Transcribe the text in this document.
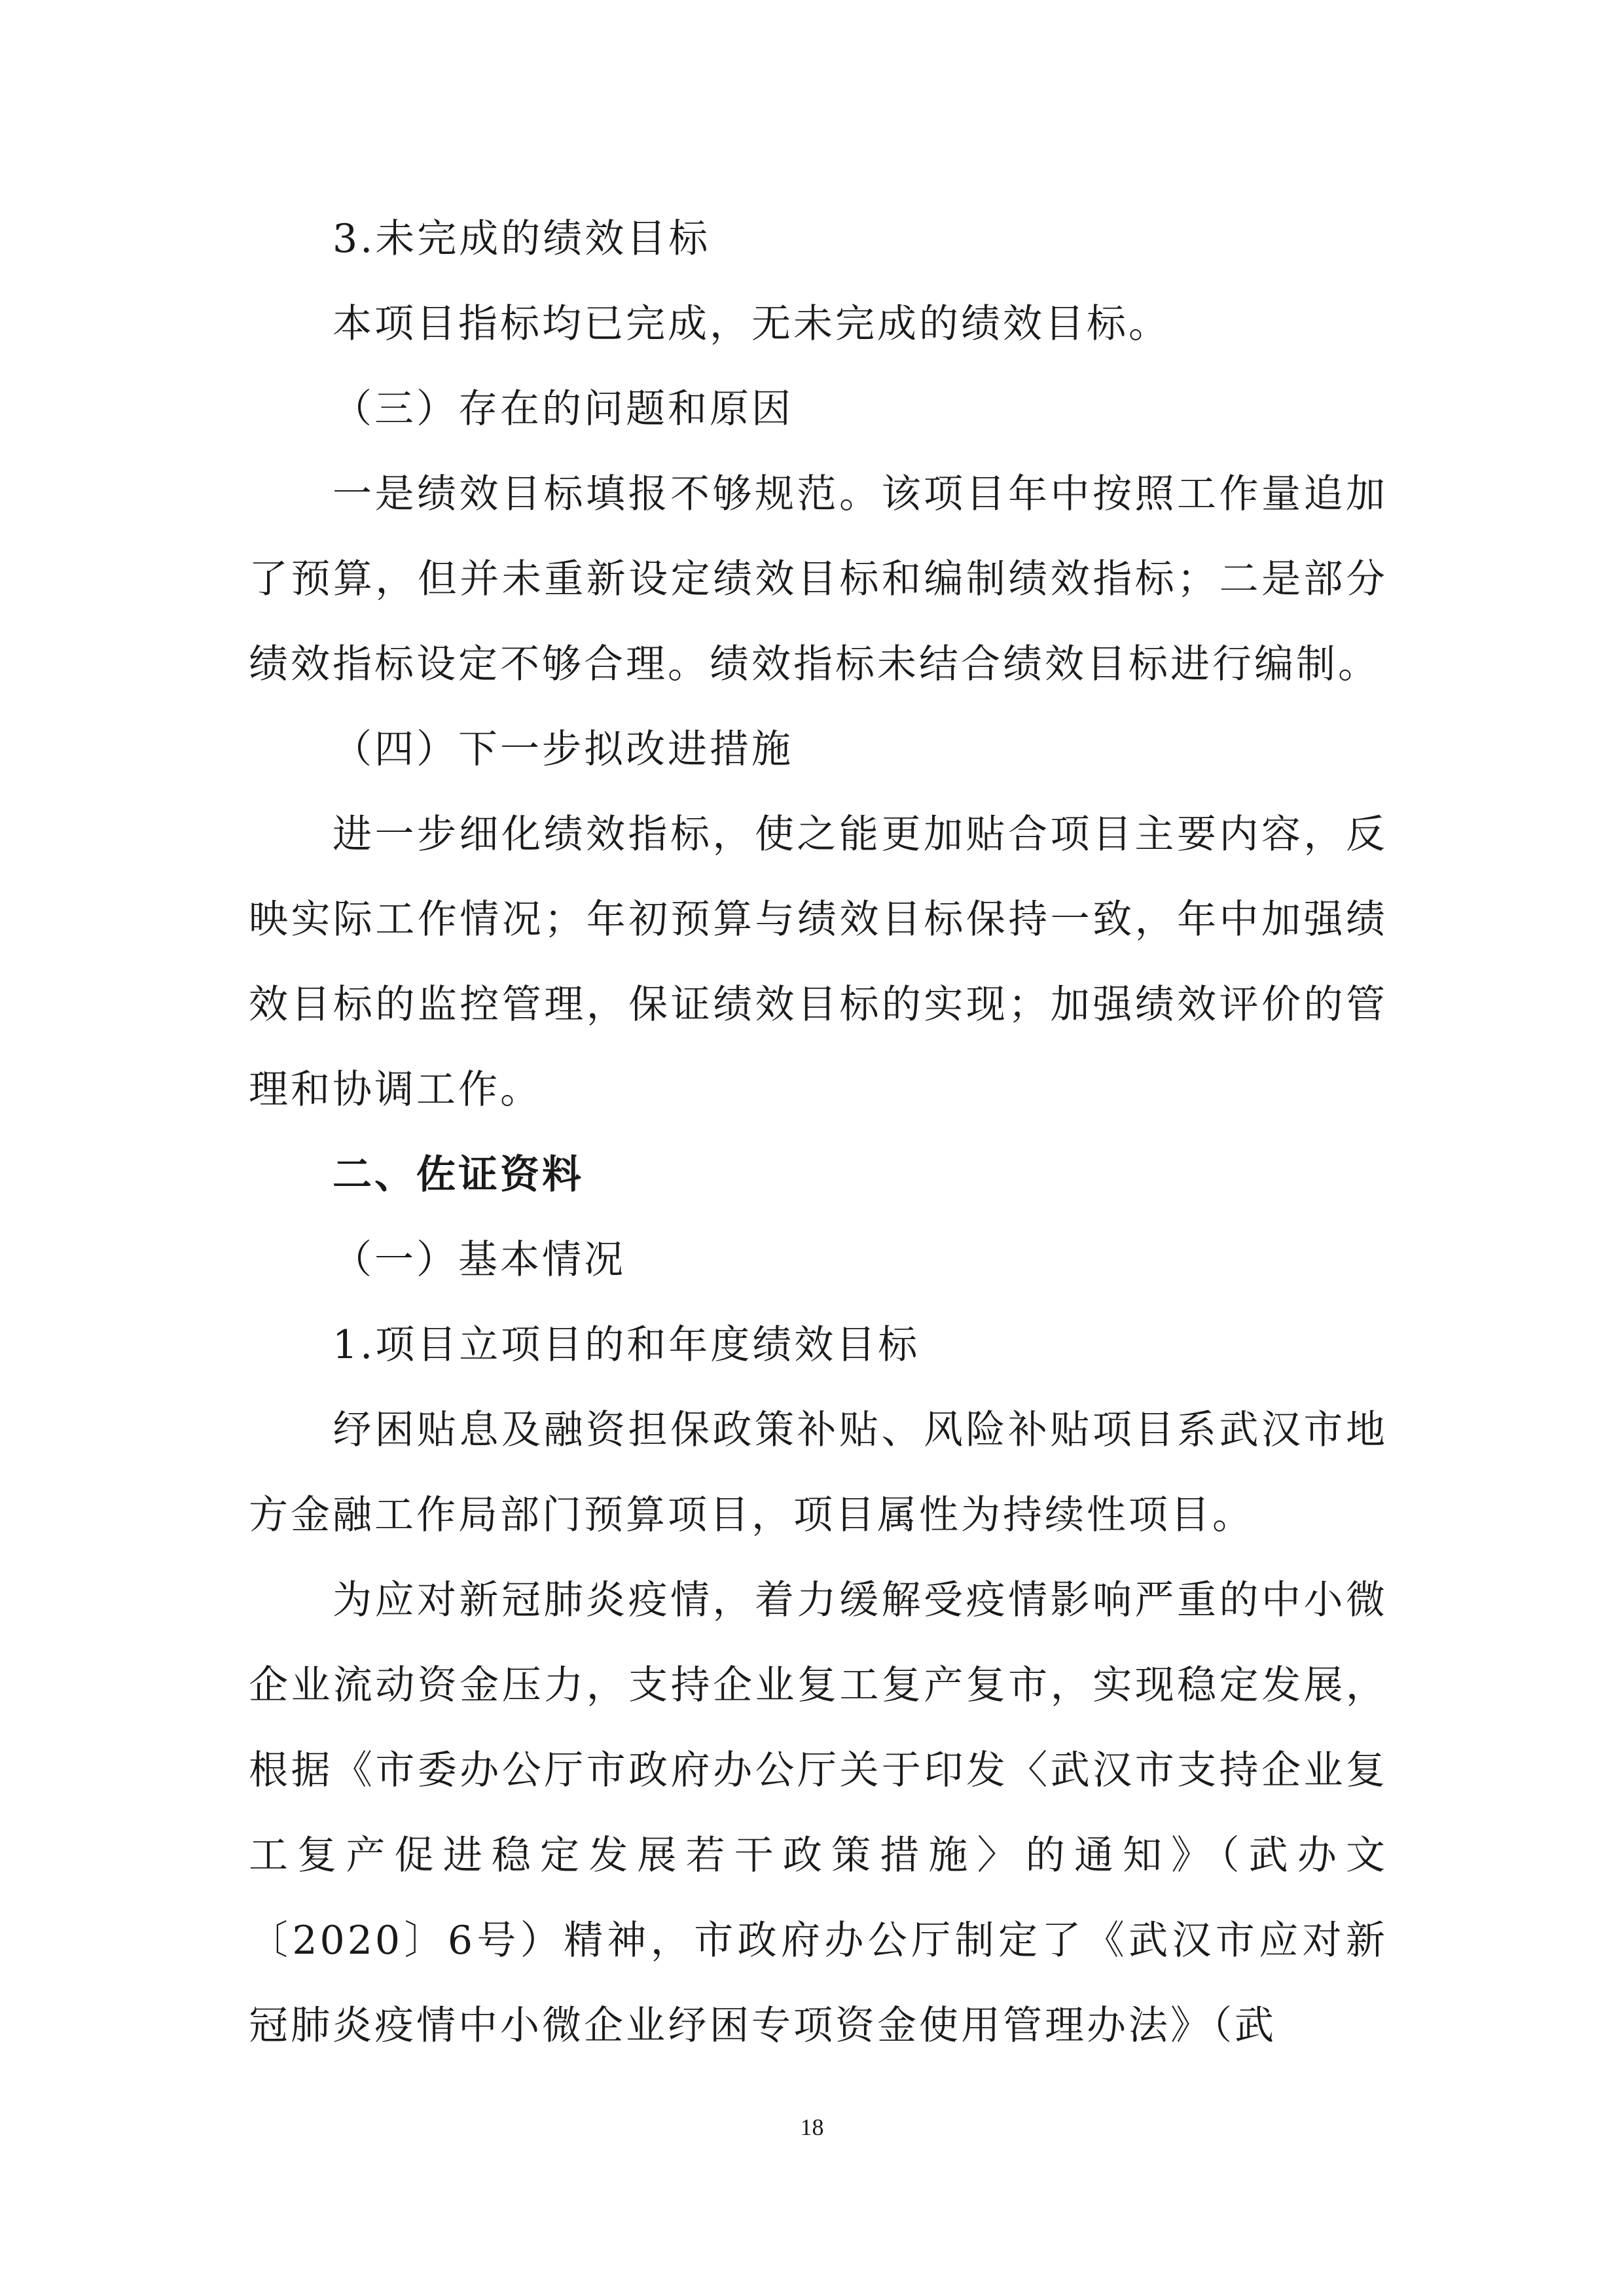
3.未完成的绩效目标

本项目指标均已完成，无未完成的绩效目标。

（三）存在的问题和原因

一是绩效目标填报不够规范。该项目年中按照工作量追加了预算，但并未重新设定绩效目标和编制绩效指标；二是部分绩效指标设定不够合理。绩效指标未结合绩效目标进行编制。

（四）下一步拟改进措施

进一步细化绩效指标，使之能更加贴合项目主要内容，反映实际工作情况；年初预算与绩效目标保持一致，年中加强绩效目标的监控管理，保证绩效目标的实现；加强绩效评价的管理和协调工作。

二、佐证资料

（一）基本情况

1.项目立项目的和年度绩效目标

纾困贴息及融资担保政策补贴、风险补贴项目系武汉市地方金融工作局部门预算项目，项目属性为持续性项目。

为应对新冠肺炎疫情，着力缓解受疫情影响严重的中小微企业流动资金压力，支持企业复工复产复市，实现稳定发展，根据《市委办公厅市政府办公厅关于印发〈武汉市支持企业复工复产促进稳定发展若干政策措施〉的通知》（武办文〔2020〕6号）精神，市政府办公厅制定了《武汉市应对新冠肺炎疫情中小微企业纾困专项资金使用管理办法》（武

18
